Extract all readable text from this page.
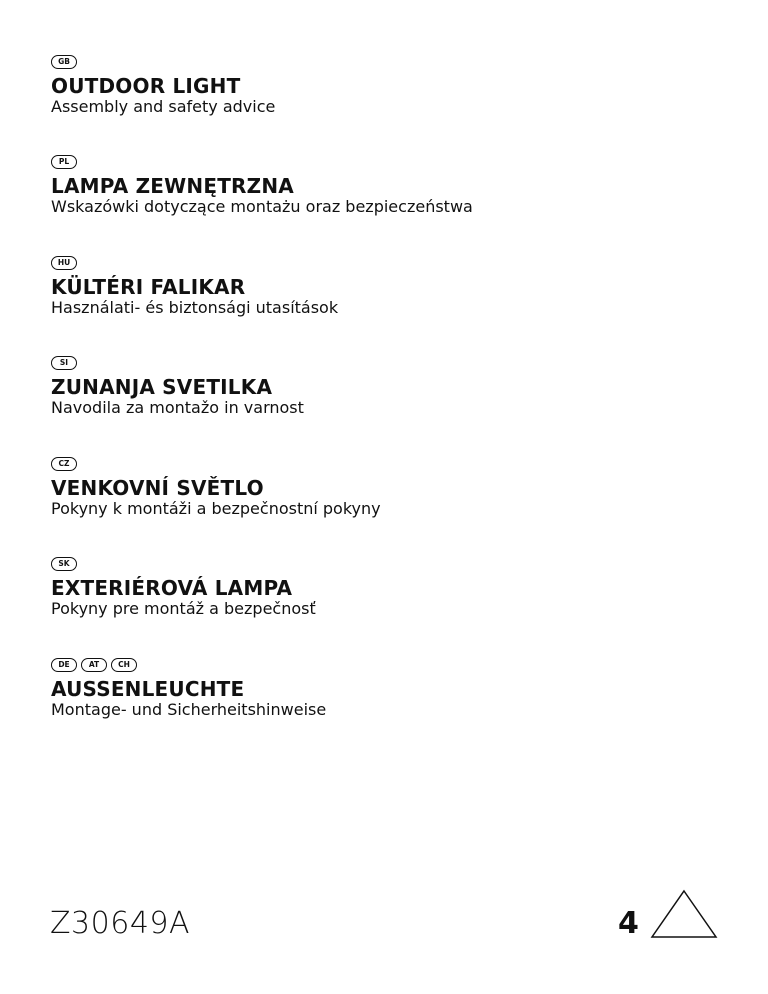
GB

OUTDOOR LIGHT

Assembly and safety advice

PL

LAMPA ZEWNĘTRZNA

Wskazówki dotyczące montażu oraz bezpieczeństwa

HU

KÜLTÉRI FALIKAR

Használati- és biztonsági utasítások

SI

ZUNANJA SVETILKA

Navodila za montažo in varnost

CZ

VENKOVNÍ SVĚTLO

Pokyny k montáži a bezpečnostní pokyny

SK

EXTERIÉROVÁ LAMPA

Pokyny pre montáž a bezpečnosť

DE	AT	CH

AUSSENLEUCHTE

Montage- und Sicherheitshinweise

Z30649A	4
